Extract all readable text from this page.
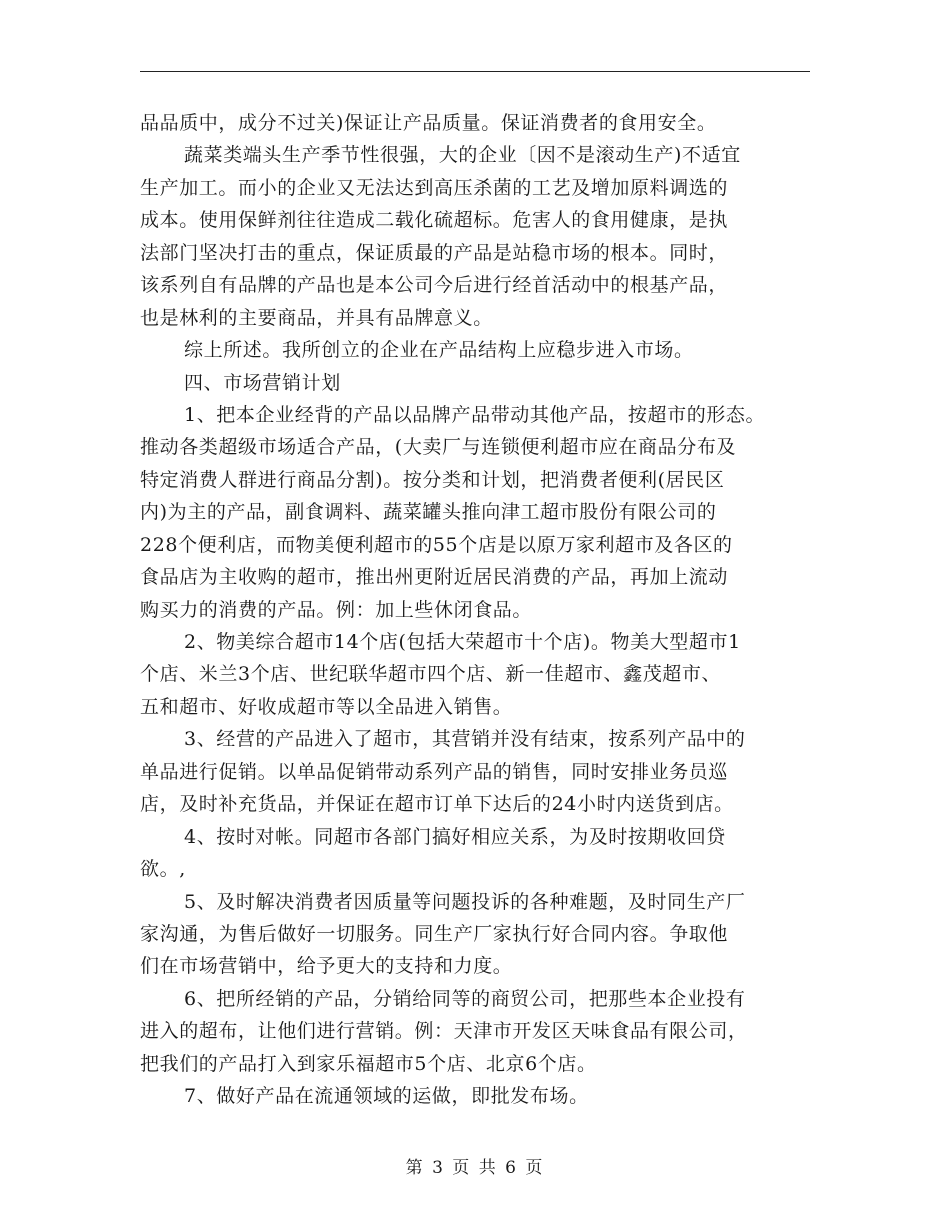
品品质中，成分不过关)保证让产品质量。保证消费者的食用安全。
蔬菜类端头生产季节性很强，大的企业〔因不是滚动生产)不适宜
生产加工。而小的企业又无法达到高压杀菌的工艺及增加原料调选的
成本。使用保鲜剂往往造成二载化硫超标。危害人的食用健康，是执
法部门坚决打击的重点，保证质最的产品是站稳市场的根本。同时，
该系列自有品牌的产品也是本公司今后进行经首活动中的根基产品，
也是林利的主要商品，并具有品牌意义。
综上所述。我所创立的企业在产品结构上应稳步进入市场。
四、市场营销计划
1、把本企业经背的产品以品牌产品带动其他产品，按超市的形态。
推动各类超级市场适合产品，(大卖厂与连锁便利超市应在商品分布及
特定消费人群进行商品分割)。按分类和计划，把消费者便利(居民区
内)为主的产品，副食调料、蔬菜罐头推向津工超市股份有限公司的
228个便利店，而物美便利超市的55个店是以原万家利超市及各区的
食品店为主收购的超市，推出州更附近居民消费的产品，再加上流动
购买力的消费的产品。例：加上些休闭食品。
2、物美综合超市14个店(包括大荣超市十个店)。物美大型超市1
个店、米兰3个店、世纪联华超市四个店、新一佳超市、鑫茂超市、
五和超市、好收成超市等以全品进入销售。
3、经营的产品进入了超市，其营销并没有结束，按系列产品中的
单品进行促销。以单品促销带动系列产品的销售，同时安排业务员巡
店，及时补充货品，并保证在超市订单下达后的24小时内送货到店。
4、按时对帐。同超市各部门搞好相应关系，为及时按期收回贷
欲。,
5、及时解决消费者因质量等问题投诉的各种难题，及时同生产厂
家沟通，为售后做好一切服务。同生产厂家执行好合同内容。争取他
们在市场营销中，给予更大的支持和力度。
6、把所经销的产品，分销给同等的商贸公司，把那些本企业投有
进入的超布，让他们进行营销。例：天津市开发区天味食品有限公司，
把我们的产品打入到家乐福超市5个店、北京6个店。
7、做好产品在流通领域的运做，即批发布场。
第 3 页 共 6 页
